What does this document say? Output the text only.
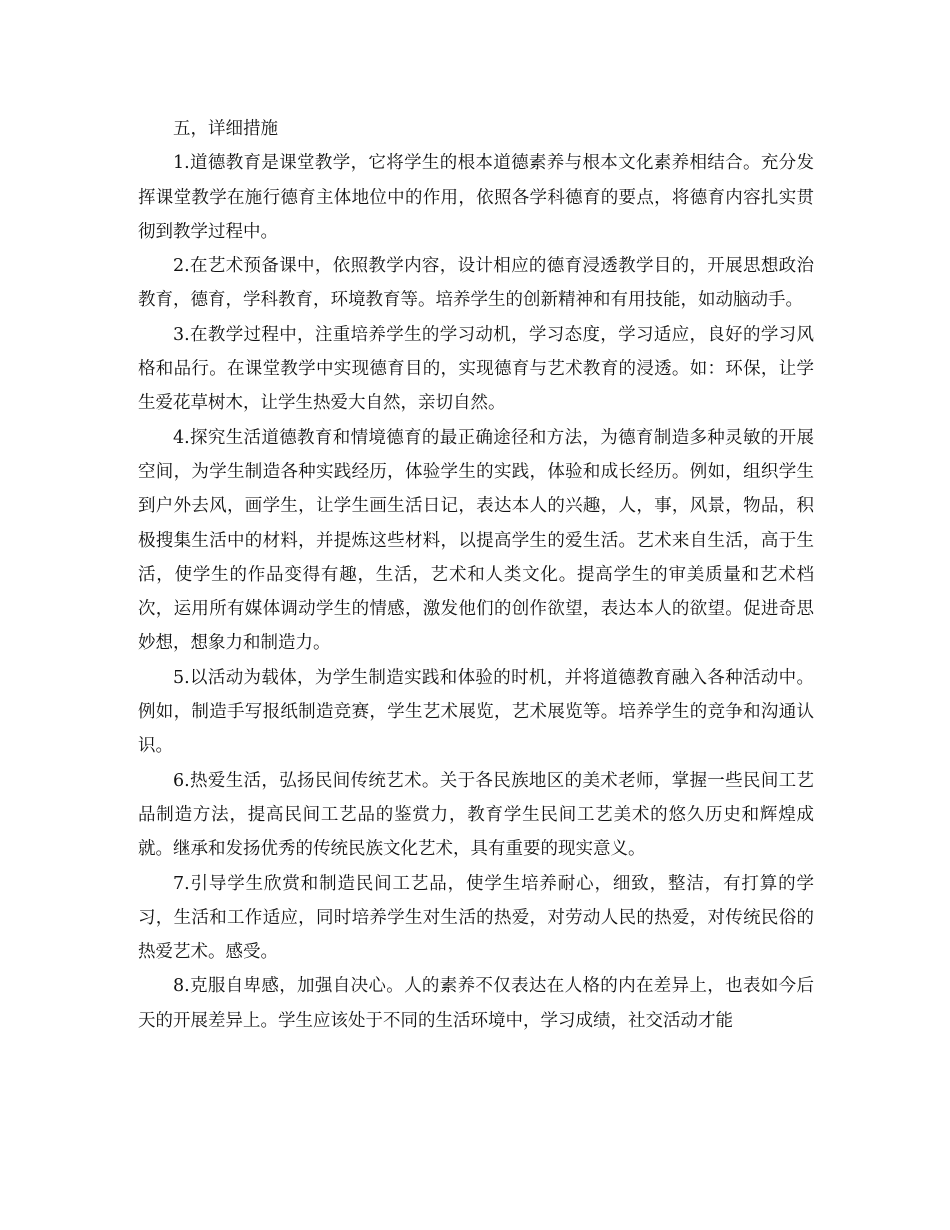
五，详细措施

1.道德教育是课堂教学，它将学生的根本道德素养与根本文化素养相结合。充分发挥课堂教学在施行德育主体地位中的作用，依照各学科德育的要点，将德育内容扎实贯彻到教学过程中。

2.在艺术预备课中，依照教学内容，设计相应的德育浸透教学目的，开展思想政治教育，德育，学科教育，环境教育等。培养学生的创新精神和有用技能，如动脑动手。

3.在教学过程中，注重培养学生的学习动机，学习态度，学习适应，良好的学习风格和品行。在课堂教学中实现德育目的，实现德育与艺术教育的浸透。如：环保，让学生爱花草树木，让学生热爱大自然，亲切自然。

4.探究生活道德教育和情境德育的最正确途径和方法，为德育制造多种灵敏的开展空间，为学生制造各种实践经历，体验学生的实践，体验和成长经历。例如，组织学生到户外去风，画学生，让学生画生活日记，表达本人的兴趣，人，事，风景，物品，积极搜集生活中的材料，并提炼这些材料，以提高学生的爱生活。艺术来自生活，高于生活，使学生的作品变得有趣，生活，艺术和人类文化。提高学生的审美质量和艺术档次，运用所有媒体调动学生的情感，激发他们的创作欲望，表达本人的欲望。促进奇思妙想，想象力和制造力。

5.以活动为载体，为学生制造实践和体验的时机，并将道德教育融入各种活动中。例如，制造手写报纸制造竞赛，学生艺术展览，艺术展览等。培养学生的竞争和沟通认识。

6.热爱生活，弘扬民间传统艺术。关于各民族地区的美术老师，掌握一些民间工艺品制造方法，提高民间工艺品的鉴赏力，教育学生民间工艺美术的悠久历史和辉煌成就。继承和发扬优秀的传统民族文化艺术，具有重要的现实意义。

7.引导学生欣赏和制造民间工艺品，使学生培养耐心，细致，整洁，有打算的学习，生活和工作适应，同时培养学生对生活的热爱，对劳动人民的热爱，对传统民俗的热爱艺术。感受。

8.克服自卑感，加强自决心。人的素养不仅表达在人格的内在差异上，也表如今后天的开展差异上。学生应该处于不同的生活环境中，学习成绩，社交活动才能
